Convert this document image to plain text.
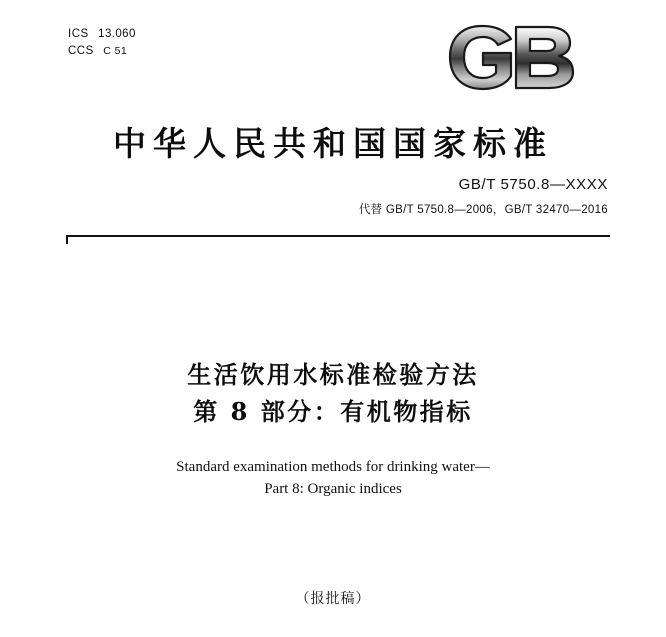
ICS 13.060
CCS C 51
中华人民共和国国家标准
GB/T 5750.8—XXXX
代替 GB/T 5750.8—2006，GB/T 32470—2016
生活饮用水标准检验方法
第 8 部分：有机物指标
Standard examination methods for drinking water—
Part 8: Organic indices
（报批稿）
